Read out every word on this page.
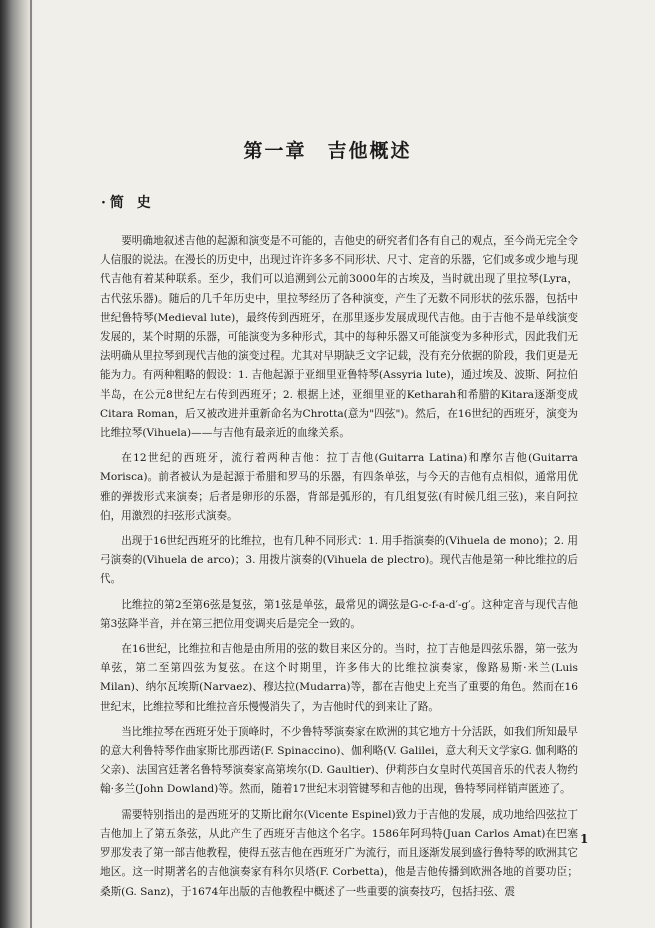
第一章　吉他概述
·简 史

要明确地叙述吉他的起源和演变是不可能的，吉他史的研究者们各有自己的观点，至今尚无完全令人信服的说法。在漫长的历史中，出现过许许多多不同形状、尺寸、定音的乐器，它们或多或少地与现代吉他有着某种联系。至少，我们可以追溯到公元前3000年的古埃及，当时就出现了里拉琴(Lyra，古代弦乐器)。随后的几千年历史中，里拉琴经历了各种演变，产生了无数不同形状的弦乐器，包括中世纪鲁特琴(Medieval lute)，最终传到西班牙，在那里逐步发展成现代吉他。由于吉他不是单线演变发展的，某个时期的乐器，可能演变为多种形式，其中的每种乐器又可能演变为多种形式，因此我们无法明确从里拉琴到现代吉他的演变过程。尤其对早期缺乏文字记载，没有充分依据的阶段，我们更是无能为力。有两种粗略的假设：1. 吉他起源于亚细里亚鲁特琴(Assyria lute)，通过埃及、波斯、阿拉伯半岛，在公元8世纪左右传到西班牙；2. 根据上述，亚细里亚的Ketharah和希腊的Kitara逐渐变成Citara Roman，后又被改进并重新命名为Chrotta(意为"四弦")。然后，在16世纪的西班牙，演变为比维拉琴(Vihuela)——与吉他有最亲近的血缘关系。

在12世纪的西班牙，流行着两种吉他：拉丁吉他(Guitarra Latina)和摩尔吉他(Guitarra Morisca)。前者被认为是起源于希腊和罗马的乐器，有四条单弦，与今天的吉他有点相似，通常用优雅的弹拨形式来演奏；后者是卵形的乐器，背部是弧形的，有几组复弦(有时候几组三弦)，来自阿拉伯，用激烈的扫弦形式演奏。

出现于16世纪西班牙的比维拉，也有几种不同形式：1. 用手指演奏的(Vihuela de mono)；2. 用弓演奏的(Vihuela de arco)；3. 用拨片演奏的(Vihuela de plectro)。现代吉他是第一种比维拉的后代。

比维拉的第2至第6弦是复弦，第1弦是单弦，最常见的调弦是G-c-f-a-d′-g′。这种定音与现代吉他第3弦降半音，并在第三把位用变调夹后是完全一致的。

在16世纪，比维拉和吉他是由所用的弦的数目来区分的。当时，拉丁吉他是四弦乐器，第一弦为单弦，第二至第四弦为复弦。在这个时期里，许多伟大的比维拉演奏家，像路易斯·米兰(Luis Milan)、纳尔瓦埃斯(Narvaez)、穆达拉(Mudarra)等，都在吉他史上充当了重要的角色。然而在16世纪末，比维拉琴和比维拉音乐慢慢消失了，为吉他时代的到来让了路。

当比维拉琴在西班牙处于顶峰时，不少鲁特琴演奏家在欧洲的其它地方十分活跃，如我们所知最早的意大利鲁特琴作曲家斯比那西诺(F. Spinaccino)、伽利略(V. Galilei，意大利天文学家G. 伽利略的父亲)、法国宫廷著名鲁特琴演奏家高第埃尔(D. Gaultier)、伊莉莎白女皇时代英国音乐的代表人物约翰·多兰(John Dowland)等。然而，随着17世纪末羽管键琴和吉他的出现，鲁特琴同样销声匿迹了。

需要特别指出的是西班牙的艾斯比耐尔(Vicente Espinel)致力于吉他的发展，成功地给四弦拉丁吉他加上了第五条弦，从此产生了西班牙吉他这个名字。1586年阿玛特(Juan Carlos Amat)在巴塞罗那发表了第一部吉他教程，使得五弦吉他在西班牙广为流行，而且逐渐发展到盛行鲁特琴的欧洲其它地区。这一时期著名的吉他演奏家有科尔贝塔(F. Corbetta)，他是吉他传播到欧洲各地的首要功臣；桑斯(G. Sanz)，于1674年出版的吉他教程中概述了一些重要的演奏技巧，包括扫弦、震

1
